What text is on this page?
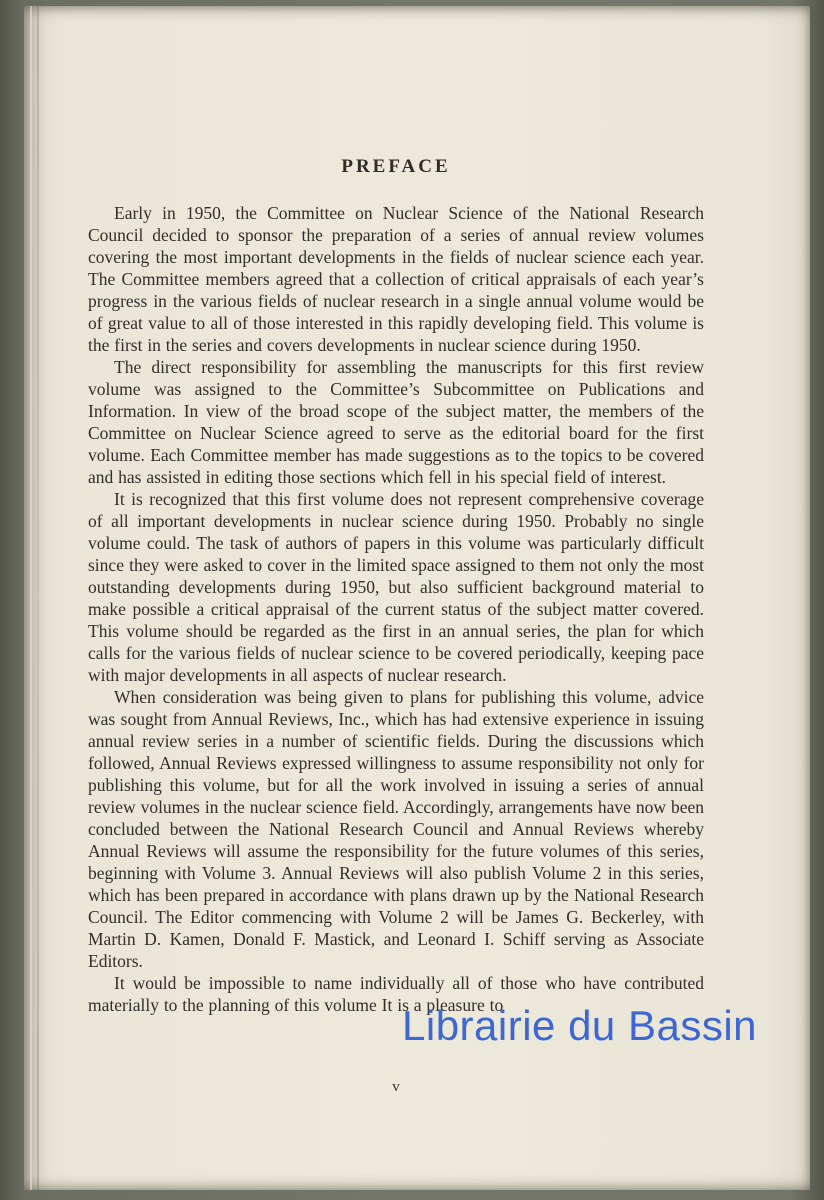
PREFACE

Early in 1950, the Committee on Nuclear Science of the National Research Council decided to sponsor the preparation of a series of annual review volumes covering the most important developments in the fields of nuclear science each year. The Committee members agreed that a collection of critical appraisals of each year’s progress in the various fields of nuclear research in a single annual volume would be of great value to all of those interested in this rapidly developing field. This volume is the first in the series and covers developments in nuclear science during 1950.

The direct responsibility for assembling the manuscripts for this first review volume was assigned to the Committee’s Subcommittee on Publications and Information. In view of the broad scope of the subject matter, the members of the Committee on Nuclear Science agreed to serve as the editorial board for the first volume. Each Committee member has made suggestions as to the topics to be covered and has assisted in editing those sections which fell in his special field of interest.

It is recognized that this first volume does not represent comprehensive coverage of all important developments in nuclear science during 1950. Probably no single volume could. The task of authors of papers in this volume was particularly difficult since they were asked to cover in the limited space assigned to them not only the most outstanding developments during 1950, but also sufficient background material to make possible a critical appraisal of the current status of the subject matter covered. This volume should be regarded as the first in an annual series, the plan for which calls for the various fields of nuclear science to be covered periodically, keeping pace with major developments in all aspects of nuclear research.

When consideration was being given to plans for publishing this volume, advice was sought from Annual Reviews, Inc., which has had extensive experience in issuing annual review series in a number of scientific fields. During the discussions which followed, Annual Reviews expressed willingness to assume responsibility not only for publishing this volume, but for all the work involved in issuing a series of annual review volumes in the nuclear science field. Accordingly, arrangements have now been concluded between the National Research Council and Annual Reviews whereby Annual Reviews will assume the responsibility for the future volumes of this series, beginning with Volume 3. Annual Reviews will also publish Volume 2 in this series, which has been prepared in accordance with plans drawn up by the National Research Council. The Editor commencing with Volume 2 will be James G. Beckerley, with Martin D. Kamen, Donald F. Mastick, and Leonard I. Schiff serving as Associate Editors.

It would be impossible to name individually all of those who have contributed materially to the planning of this volume It is a pleasure to

v
Librairie du Bassin
